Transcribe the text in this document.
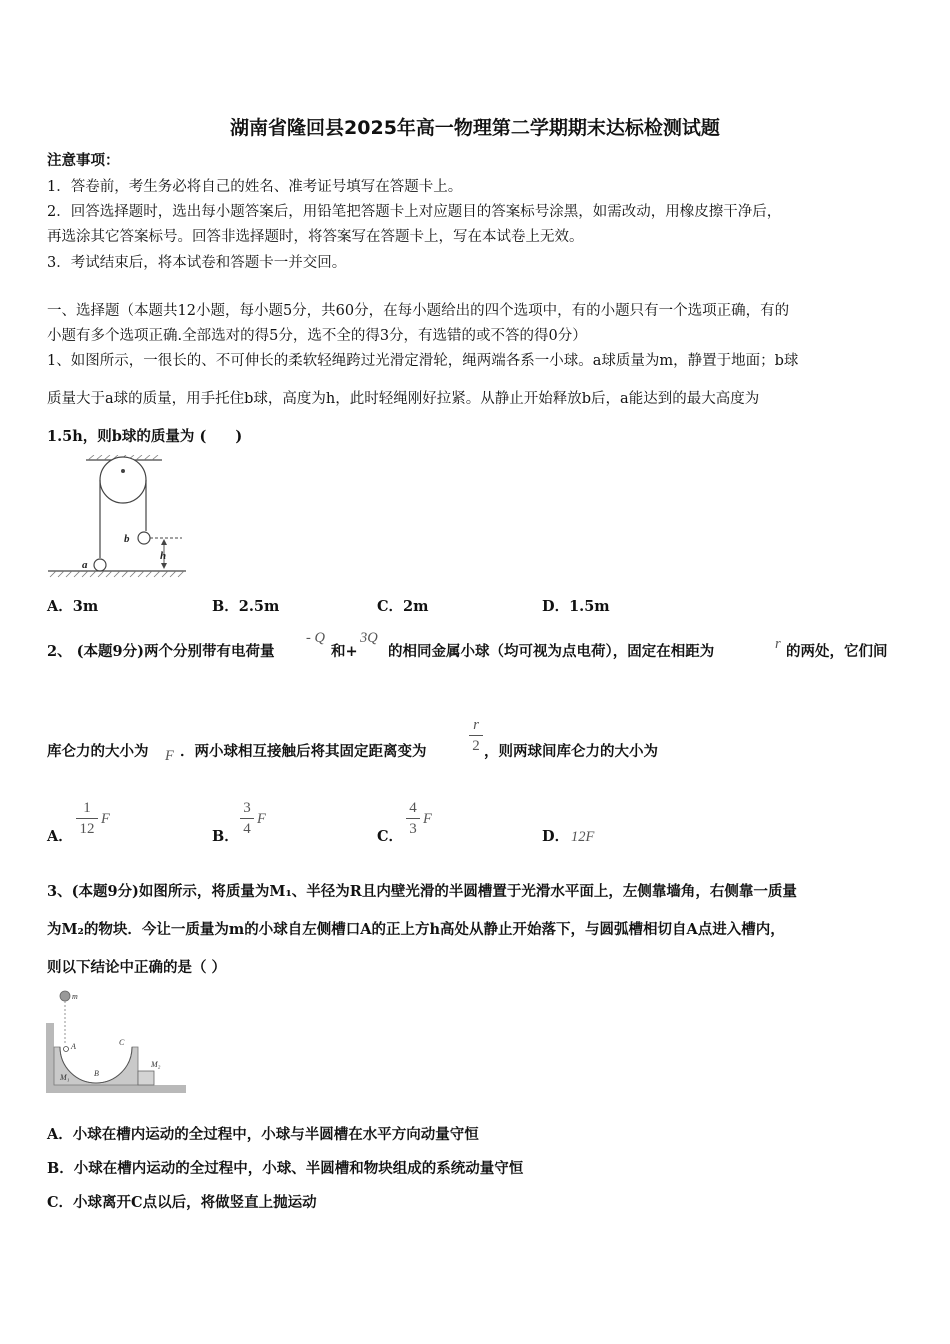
湖南省隆回县2025年高一物理第二学期期末达标检测试题
注意事项：
1．答卷前，考生务必将自己的姓名、准考证号填写在答题卡上。
2．回答选择题时，选出每小题答案后，用铅笔把答题卡上对应题目的答案标号涂黑，如需改动，用橡皮擦干净后，
再选涂其它答案标号。回答非选择题时，将答案写在答题卡上，写在本试卷上无效。
3．考试结束后，将本试卷和答题卡一并交回。
一、选择题（本题共12小题，每小题5分，共60分，在每小题给出的四个选项中，有的小题只有一个选项正确，有的
小题有多个选项正确.全部选对的得5分，选不全的得3分，有选错的或不答的得0分）
1、如图所示，一很长的、不可伸长的柔软轻绳跨过光滑定滑轮，绳两端各系一小球。a球质量为m，静置于地面；b球
质量大于a球的质量，用手托住b球，高度为h，此时轻绳刚好拉紧。从静止开始释放b后，a能达到的最大高度为
1.5h，则b球的质量为 (　　)
b
h
a
A．3m	B．2.5m	C．2m	D．1.5m
2、 (本题9分)两个分别带有电荷量
- Q
和+
3Q
的相同金属小球（均可视为点电荷），固定在相距为	r 的两处，它们间
库仑力的大小为 F ．两小球相互接触后将其固定距离变为
r
2 ，则两球间库仑力的大小为
A．
1
12
F
B．
3
4
F
C．
4
3
F
D． 12F
3、(本题9分)如图所示，将质量为M₁、半径为R且内壁光滑的半圆槽置于光滑水平面上，左侧靠墙角，右侧靠一质量
为M₂的物块．今让一质量为m的小球自左侧槽口A的正上方h高处从静止开始落下，与圆弧槽相切自A点进入槽内，
则以下结论中正确的是（ ）
m
A
B
C
M₁
M₂
A．小球在槽内运动的全过程中，小球与半圆槽在水平方向动量守恒
B．小球在槽内运动的全过程中，小球、半圆槽和物块组成的系统动量守恒
C．小球离开C点以后，将做竖直上抛运动
